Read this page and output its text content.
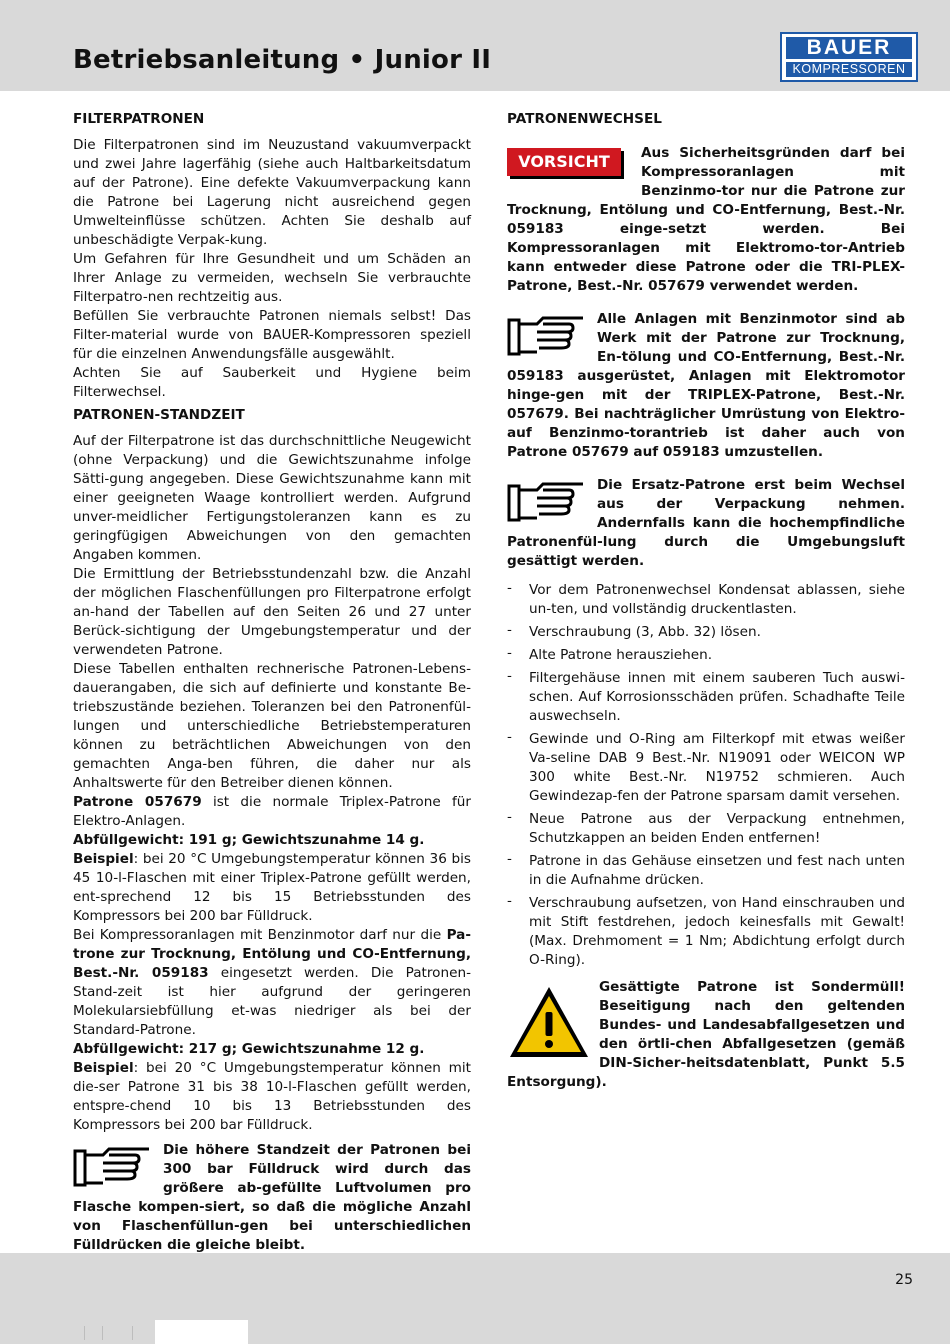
Betriebsanleitung • Junior II	BAUER
KOMPRESSOREN
FILTERPATRONEN

Die Filterpatronen sind im Neuzustand vakuumverpackt und zwei Jahre lagerfähig (siehe auch Haltbarkeitsdatum auf der Patrone). Eine defekte Vakuumverpackung kann die Patrone bei Lagerung nicht ausreichend gegen Umwelteinflüsse schützen. Achten Sie deshalb auf unbeschädigte Verpak-kung.

Um Gefahren für Ihre Gesundheit und um Schäden an Ihrer Anlage zu vermeiden, wechseln Sie verbrauchte Filterpatro-nen rechtzeitig aus.

Befüllen Sie verbrauchte Patronen niemals selbst! Das Filter-material wurde von BAUER-Kompressoren speziell für die einzelnen Anwendungsfälle ausgewählt.

Achten Sie auf Sauberkeit und Hygiene beim Filterwechsel.

PATRONEN-STANDZEIT

Auf der Filterpatrone ist das durchschnittliche Neugewicht (ohne Verpackung) und die Gewichtszunahme infolge Sätti-gung angegeben. Diese Gewichtszunahme kann mit einer geeigneten Waage kontrolliert werden. Aufgrund unver-meidlicher Fertigungstoleranzen kann es zu geringfügigen Abweichungen von den gemachten Angaben kommen.

Die Ermittlung der Betriebsstundenzahl bzw. die Anzahl der möglichen Flaschenfüllungen pro Filterpatrone erfolgt an-hand der Tabellen auf den Seiten 26 und 27 unter Berück-sichtigung der Umgebungstemperatur und der verwendeten Patrone.

Diese Tabellen enthalten rechnerische Patronen-Lebens-dauerangaben, die sich auf definierte und konstante Be-triebszustände beziehen. Toleranzen bei den Patronenfül-lungen und unterschiedliche Betriebstemperaturen können zu beträchtlichen Abweichungen von den gemachten Anga-ben führen, die daher nur als Anhaltswerte für den Betreiber dienen können.

Patrone 057679 ist die normale Triplex-Patrone für Elektro-Anlagen.

Abfüllgewicht: 191 g; Gewichtszunahme 14 g.

Beispiel: bei 20 °C Umgebungstemperatur können 36 bis 45 10-l-Flaschen mit einer Triplex-Patrone gefüllt werden, ent-sprechend 12 bis 15 Betriebsstunden des Kompressors bei 200 bar Fülldruck.

Bei Kompressoranlagen mit Benzinmotor darf nur die Pa-trone zur Trocknung, Entölung und CO-Entfernung, Best.-Nr. 059183 eingesetzt werden. Die Patronen-Stand-zeit ist hier aufgrund der geringeren Molekularsiebfüllung et-was niedriger als bei der Standard-Patrone.

Abfüllgewicht: 217 g; Gewichtszunahme 12 g.

Beispiel: bei 20 °C Umgebungstemperatur können mit die-ser Patrone 31 bis 38 10-l-Flaschen gefüllt werden, entspre-chend 10 bis 13 Betriebsstunden des Kompressors bei 200 bar Fülldruck.

Die höhere Standzeit der Patronen bei 300 bar Fülldruck wird durch das größere ab-gefüllte Luftvolumen pro Flasche kompen-siert, so daß die mögliche Anzahl von Flaschenfüllun-gen bei unterschiedlichen Fülldrücken die gleiche bleibt.
PATRONENWECHSEL
VORSICHT	Aus Sicherheitsgründen darf bei Kompressoranlagen mit Benzinmo-tor nur die Patrone zur Trocknung, Entölung und CO-Entfernung, Best.-Nr. 059183 einge-setzt werden. Bei Kompressoranlagen mit Elektromo-tor-Antrieb kann entweder diese Patrone oder die TRI-PLEX-Patrone, Best.-Nr. 057679 verwendet werden.

Alle Anlagen mit Benzinmotor sind ab Werk mit der Patrone zur Trocknung, En-tölung und CO-Entfernung, Best.-Nr. 059183 ausgerüstet, Anlagen mit Elektromotor hinge-gen mit der TRIPLEX-Patrone, Best.-Nr. 057679. Bei nachträglicher Umrüstung von Elektro- auf Benzinmo-torantrieb ist daher auch von Patrone 057679 auf 059183 umzustellen.
Die Ersatz-Patrone erst beim Wechsel aus der Verpackung nehmen. Andernfalls kann die hochempfindliche Patronenfül-lung durch die Umgebungsluft gesättigt werden.
- Vor dem Patronenwechsel Kondensat ablassen, siehe un-ten, und vollständig druckentlasten.
- Verschraubung (3, Abb. 32) lösen.
- Alte Patrone herausziehen.
- Filtergehäuse innen mit einem sauberen Tuch auswi-schen. Auf Korrosionsschäden prüfen. Schadhafte Teile auswechseln.
- Gewinde und O-Ring am Filterkopf mit etwas weißer Va-seline DAB 9 Best.-Nr. N19091 oder WEICON WP 300 white Best.-Nr. N19752 schmieren. Auch Gewindezap-fen der Patrone sparsam damit versehen.
- Neue Patrone aus der Verpackung entnehmen, Schutzkappen an beiden Enden entfernen!
- Patrone in das Gehäuse einsetzen und fest nach unten in die Aufnahme drücken.
- Verschraubung aufsetzen, von Hand einschrauben und mit Stift festdrehen, jedoch keinesfalls mit Gewalt! (Max. Drehmoment = 1 Nm; Abdichtung erfolgt durch O-Ring).

Gesättigte Patrone ist Sondermüll! Beseitigung nach den geltenden Bundes- und Landesabfallgesetzen und den örtli-chen Abfallgesetzen (gemäß DIN-Sicher-heitsdatenblatt, Punkt 5.5 Entsorgung).

25
